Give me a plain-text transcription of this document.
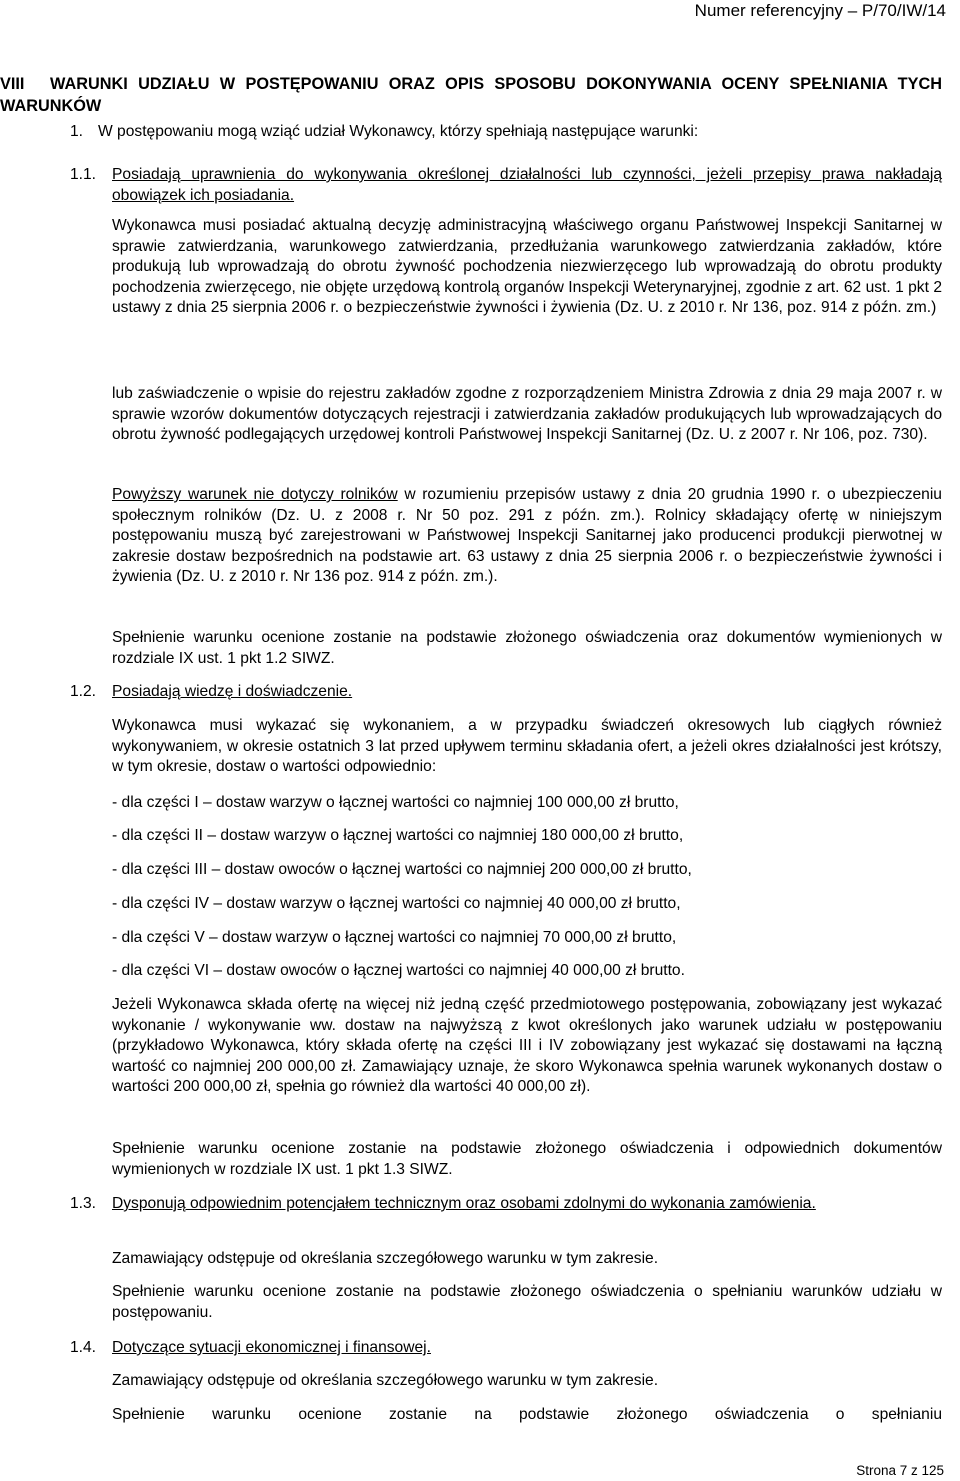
Numer referencyjny – P/70/IW/14
VIII WARUNKI UDZIAŁU W POSTĘPOWANIU ORAZ OPIS SPOSOBU DOKONYWANIA OCENY SPEŁNIANIA TYCH WARUNKÓW
1. W postępowaniu mogą wziąć udział Wykonawcy, którzy spełniają następujące warunki:
1.1. Posiadają uprawnienia do wykonywania określonej działalności lub czynności, jeżeli przepisy prawa nakładają obowiązek ich posiadania.
Wykonawca musi posiadać aktualną decyzję administracyjną właściwego organu Państwowej Inspekcji Sanitarnej w sprawie zatwierdzania, warunkowego zatwierdzania, przedłużania warunkowego zatwierdzania zakładów, które produkują lub wprowadzają do obrotu żywność pochodzenia niezwierzęcego lub wprowadzają do obrotu produkty pochodzenia zwierzęcego, nie objęte urzędową kontrolą organów Inspekcji Weterynaryjnej, zgodnie z art. 62 ust. 1 pkt 2 ustawy z dnia 25 sierpnia 2006 r. o bezpieczeństwie żywności i żywienia (Dz. U. z 2010 r. Nr 136, poz. 914 z późn. zm.)
lub zaświadczenie o wpisie do rejestru zakładów zgodne z rozporządzeniem Ministra Zdrowia z dnia 29 maja 2007 r. w sprawie wzorów dokumentów dotyczących rejestracji i zatwierdzania zakładów produkujących lub wprowadzających do obrotu żywność podlegających urzędowej kontroli Państwowej Inspekcji Sanitarnej (Dz. U. z 2007 r. Nr 106, poz. 730).
Powyższy warunek nie dotyczy rolników w rozumieniu przepisów ustawy z dnia 20 grudnia 1990 r. o ubezpieczeniu społecznym rolników (Dz. U. z 2008 r. Nr 50 poz. 291 z późn. zm.). Rolnicy składający ofertę w niniejszym postępowaniu muszą być zarejestrowani w Państwowej Inspekcji Sanitarnej jako producenci produkcji pierwotnej w zakresie dostaw bezpośrednich na podstawie art. 63 ustawy z dnia 25 sierpnia 2006 r. o bezpieczeństwie żywności i żywienia (Dz. U. z 2010 r. Nr 136 poz. 914 z późn. zm.).
Spełnienie warunku ocenione zostanie na podstawie złożonego oświadczenia oraz dokumentów wymienionych w rozdziale IX ust. 1 pkt 1.2 SIWZ.
1.2. Posiadają wiedzę i doświadczenie.
Wykonawca musi wykazać się wykonaniem, a w przypadku świadczeń okresowych lub ciągłych również wykonywaniem, w okresie ostatnich 3 lat przed upływem terminu składania ofert, a jeżeli okres działalności jest krótszy, w tym okresie, dostaw o wartości odpowiednio:
- dla części I – dostaw warzyw o łącznej wartości co najmniej 100 000,00 zł brutto,
- dla części II – dostaw warzyw o łącznej wartości co najmniej 180 000,00 zł brutto,
- dla części III – dostaw owoców o łącznej wartości co najmniej 200 000,00 zł brutto,
- dla części IV – dostaw warzyw o łącznej wartości co najmniej 40 000,00 zł brutto,
- dla części V – dostaw warzyw o łącznej wartości co najmniej 70 000,00 zł brutto,
- dla części VI – dostaw owoców o łącznej wartości co najmniej 40 000,00 zł brutto.
Jeżeli Wykonawca składa ofertę na więcej niż jedną część przedmiotowego postępowania, zobowiązany jest wykazać wykonanie / wykonywanie ww. dostaw na najwyższą z kwot określonych jako warunek udziału w postępowaniu (przykładowo Wykonawca, który składa ofertę na części III i IV zobowiązany jest wykazać się dostawami na łączną wartość co najmniej 200 000,00 zł. Zamawiający uznaje, że skoro Wykonawca spełnia warunek wykonanych dostaw o wartości 200 000,00 zł, spełnia go również dla wartości 40 000,00 zł).
Spełnienie warunku ocenione zostanie na podstawie złożonego oświadczenia i odpowiednich dokumentów wymienionych w rozdziale IX ust. 1 pkt 1.3 SIWZ.
1.3. Dysponują odpowiednim potencjałem technicznym oraz osobami zdolnymi do wykonania zamówienia.
Zamawiający odstępuje od określania szczegółowego warunku w tym zakresie.
Spełnienie warunku ocenione zostanie na podstawie złożonego oświadczenia o spełnianiu warunków udziału w postępowaniu.
1.4. Dotyczące sytuacji ekonomicznej i finansowej.
Zamawiający odstępuje od określania szczegółowego warunku w tym zakresie.
Spełnienie warunku ocenione zostanie na podstawie złożonego oświadczenia o spełnianiu
Strona 7 z 125
